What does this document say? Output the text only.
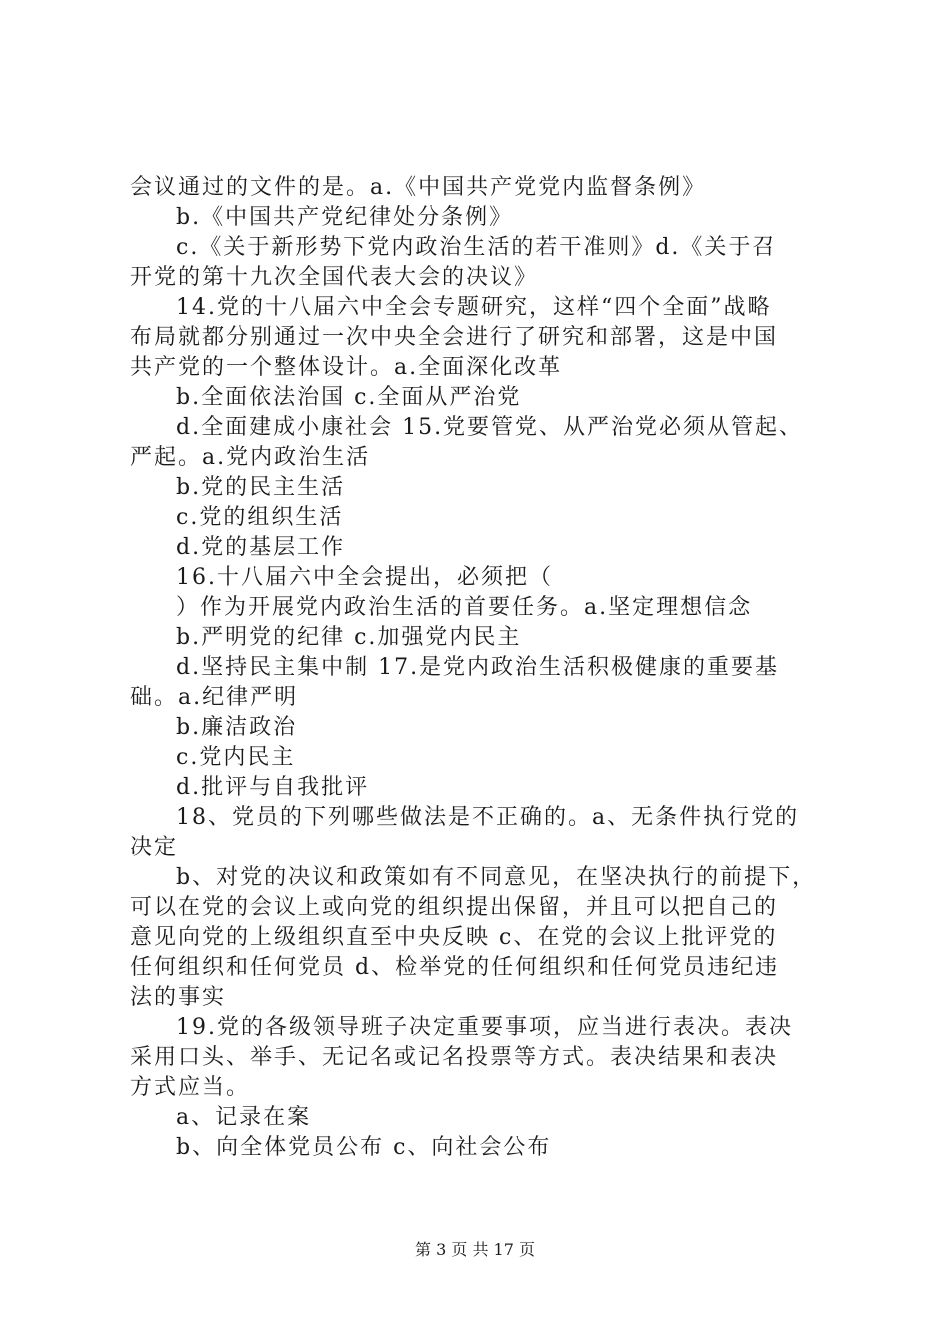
会议通过的文件的是。a.《中国共产党党内监督条例》
b.《中国共产党纪律处分条例》
c.《关于新形势下党内政治生活的若干准则》d.《关于召
开党的第十九次全国代表大会的决议》
14.党的十八届六中全会专题研究，这样“四个全面”战略
布局就都分别通过一次中央全会进行了研究和部署，这是中国
共产党的一个整体设计。a.全面深化改革
b.全面依法治国 c.全面从严治党
d.全面建成小康社会 15.党要管党、从严治党必须从管起、
严起。a.党内政治生活
b.党的民主生活
c.党的组织生活
d.党的基层工作
16.十八届六中全会提出，必须把（
）作为开展党内政治生活的首要任务。a.坚定理想信念
b.严明党的纪律 c.加强党内民主
d.坚持民主集中制 17.是党内政治生活积极健康的重要基
础。a.纪律严明
b.廉洁政治
c.党内民主
d.批评与自我批评
18、党员的下列哪些做法是不正确的。a、无条件执行党的
决定
b、对党的决议和政策如有不同意见，在坚决执行的前提下，
可以在党的会议上或向党的组织提出保留，并且可以把自己的
意见向党的上级组织直至中央反映 c、在党的会议上批评党的
任何组织和任何党员 d、检举党的任何组织和任何党员违纪违
法的事实
19.党的各级领导班子决定重要事项，应当进行表决。表决
采用口头、举手、无记名或记名投票等方式。表决结果和表决
方式应当。
a、记录在案
b、向全体党员公布 c、向社会公布
第 3 页 共 17 页
